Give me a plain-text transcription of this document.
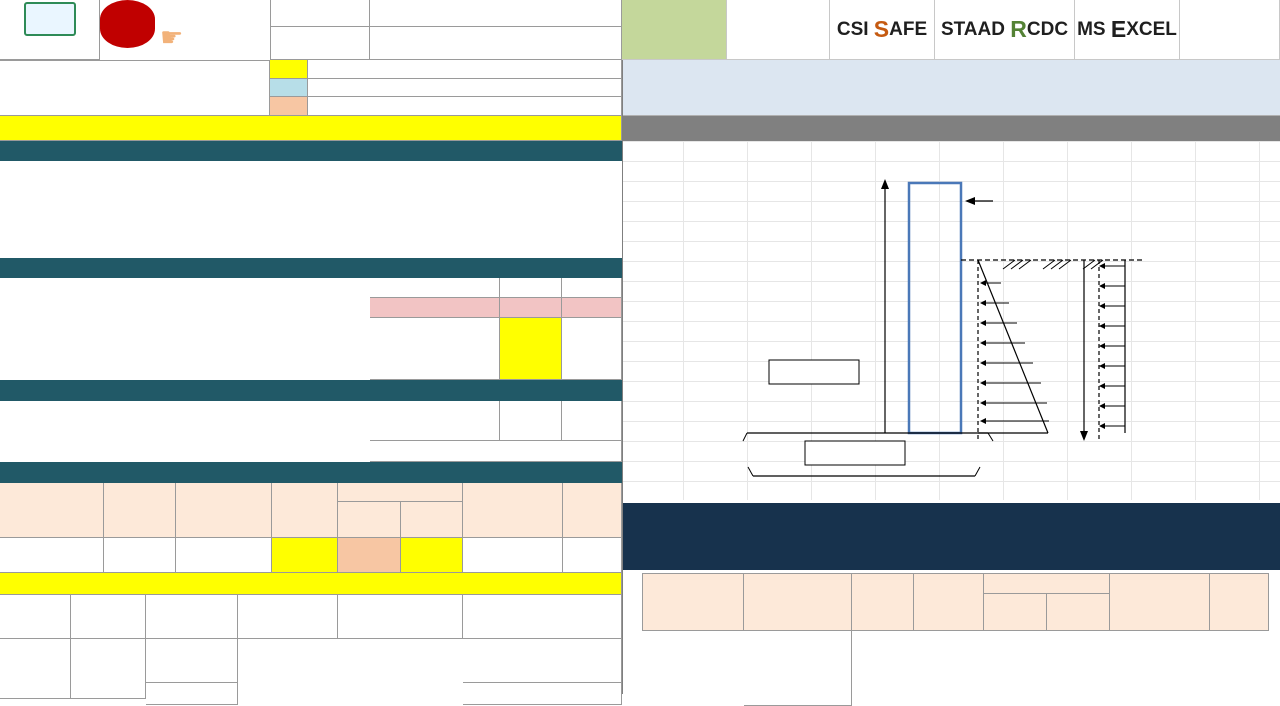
☛	CSI S AFE STAAD R CDC MS E XCEL
